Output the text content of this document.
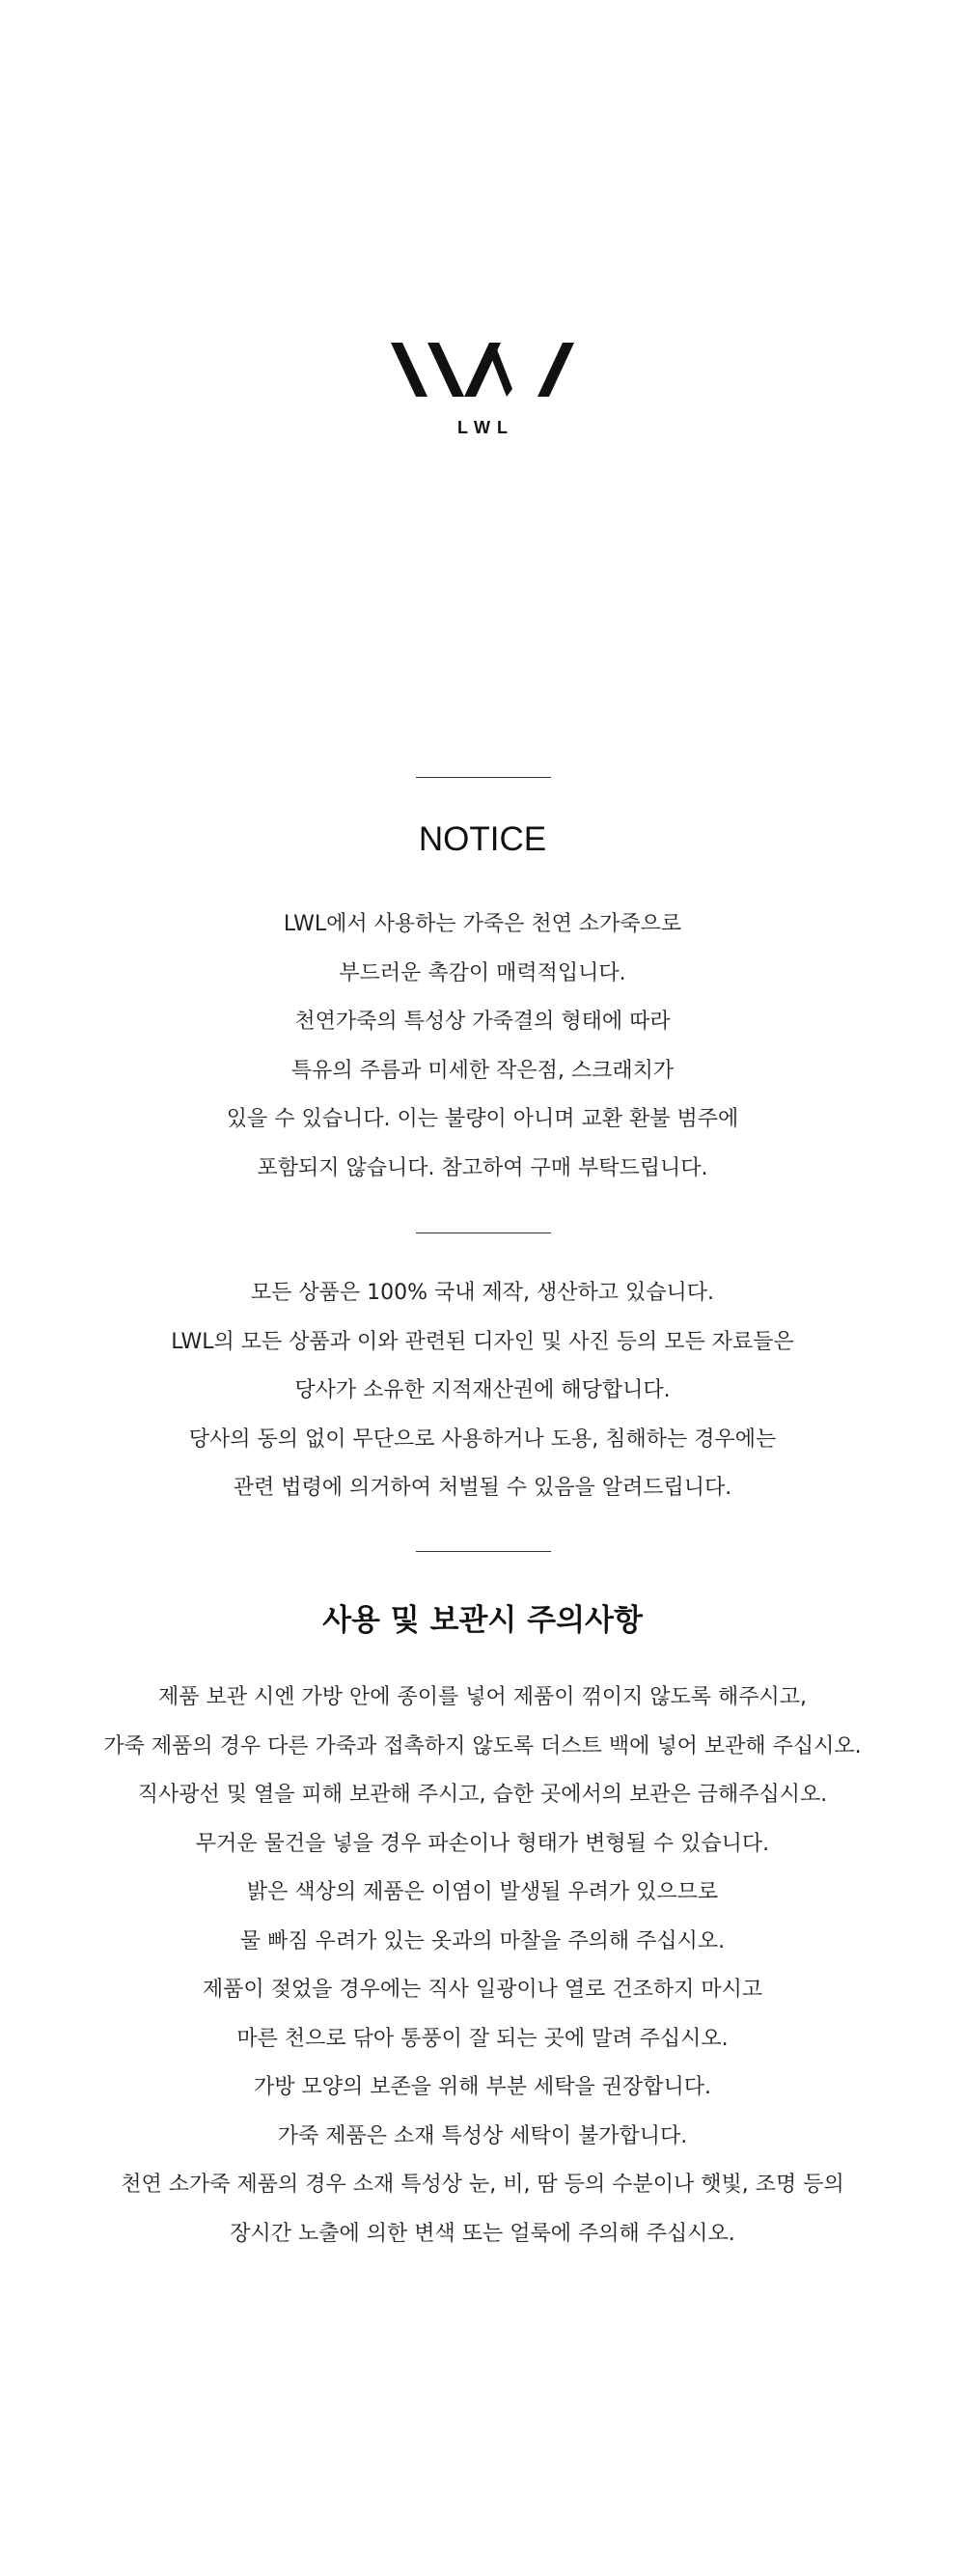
LWL
NOTICE
LWL에서 사용하는 가죽은 천연 소가죽으로
부드러운 촉감이 매력적입니다.
천연가죽의 특성상 가죽결의 형태에 따라
특유의 주름과 미세한 작은점, 스크래치가
있을 수 있습니다. 이는 불량이 아니며 교환 환불 범주에
포함되지 않습니다. 참고하여 구매 부탁드립니다.
모든 상품은 100% 국내 제작, 생산하고 있습니다.
LWL의 모든 상품과 이와 관련된 디자인 및 사진 등의 모든 자료들은
당사가 소유한 지적재산권에 해당합니다.
당사의 동의 없이 무단으로 사용하거나 도용, 침해하는 경우에는
관련 법령에 의거하여 처벌될 수 있음을 알려드립니다.
사용 및 보관시 주의사항
제품 보관 시엔 가방 안에 종이를 넣어 제품이 꺾이지 않도록 해주시고,
가죽 제품의 경우 다른 가죽과 접촉하지 않도록 더스트 백에 넣어 보관해 주십시오.
직사광선 및 열을 피해 보관해 주시고, 습한 곳에서의 보관은 금해주십시오.
무거운 물건을 넣을 경우 파손이나 형태가 변형될 수 있습니다.
밝은 색상의 제품은 이염이 발생될 우려가 있으므로
물 빠짐 우려가 있는 옷과의 마찰을 주의해 주십시오.
제품이 젖었을 경우에는 직사 일광이나 열로 건조하지 마시고
마른 천으로 닦아 통풍이 잘 되는 곳에 말려 주십시오.
가방 모양의 보존을 위해 부분 세탁을 권장합니다.
가죽 제품은 소재 특성상 세탁이 불가합니다.
천연 소가죽 제품의 경우 소재 특성상 눈, 비, 땀 등의 수분이나 햇빛, 조명 등의
장시간 노출에 의한 변색 또는 얼룩에 주의해 주십시오.
